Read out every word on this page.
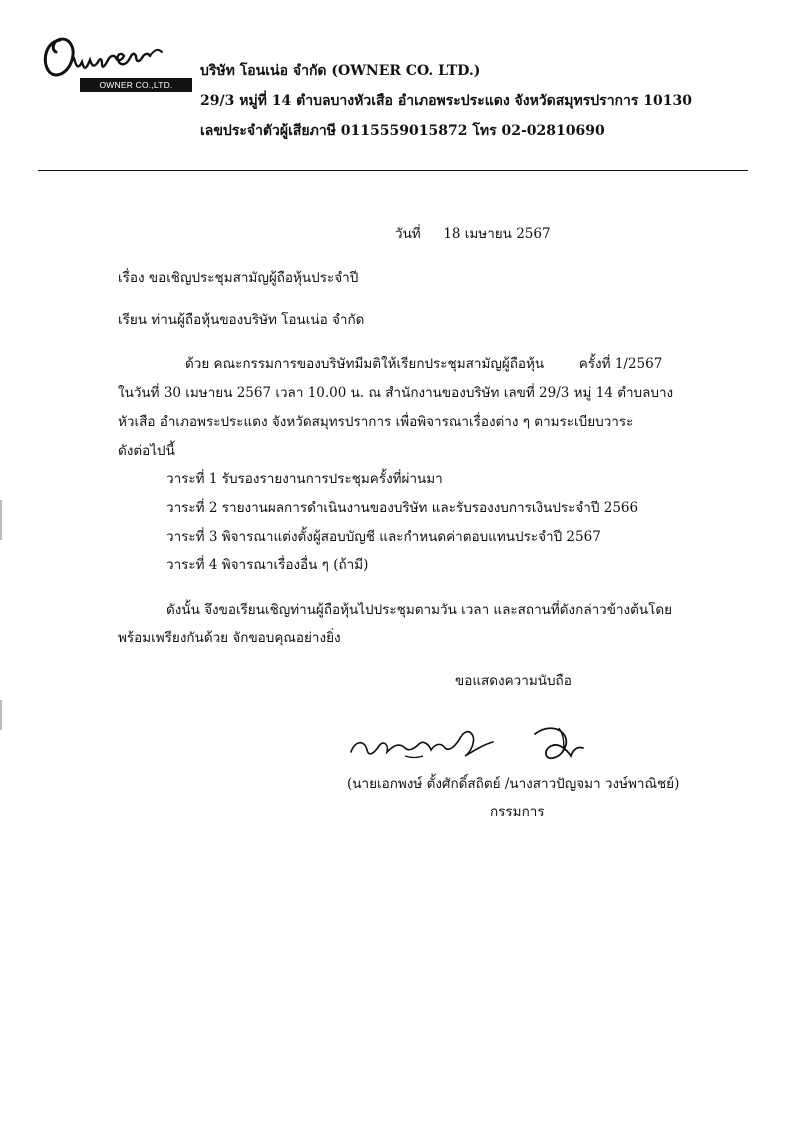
OWNER CO.,LTD.
บริษัท โอนเน่อ จำกัด (OWNER CO. LTD.)
29/3 หมู่ที่ 14 ตำบลบางหัวเสือ อำเภอพระประแดง จังหวัดสมุทรปราการ 10130
เลขประจำตัวผู้เสียภาษี 0115559015872 โทร 02-02810690
วันที่ 18 เมษายน 2567
เรื่อง ขอเชิญประชุมสามัญผู้ถือหุ้นประจำปี
เรียน ท่านผู้ถือหุ้นของบริษัท โอนเน่อ จำกัด
ด้วย คณะกรรมการของบริษัทมีมติให้เรียกประชุมสามัญผู้ถือหุ้น	ครั้งที่ 1/2567
ในวันที่ 30 เมษายน 2567 เวลา 10.00 น. ณ สำนักงานของบริษัท เลขที่ 29/3 หมู่ 14 ตำบลบาง
หัวเสือ อำเภอพระประแดง จังหวัดสมุทรปราการ เพื่อพิจารณาเรื่องต่าง ๆ ตามระเบียบวาระ
ดังต่อไปนี้
วาระที่ 1 รับรองรายงานการประชุมครั้งที่ผ่านมา
วาระที่ 2 รายงานผลการดำเนินงานของบริษัท และรับรองงบการเงินประจำปี 2566
วาระที่ 3 พิจารณาแต่งตั้งผู้สอบบัญชี และกำหนดค่าตอบแทนประจำปี 2567
วาระที่ 4 พิจารณาเรื่องอื่น ๆ (ถ้ามี)
ดังนั้น จึงขอเรียนเชิญท่านผู้ถือหุ้นไปประชุมตามวัน เวลา และสถานที่ดังกล่าวข้างต้นโดย
พร้อมเพรียงกันด้วย จักขอบคุณอย่างยิ่ง
ขอแสดงความนับถือ
(นายเอกพงษ์ ตั้งศักดิ์สถิตย์ /นางสาวปัญจมา วงษ์พาณิชย์)
กรรมการ
